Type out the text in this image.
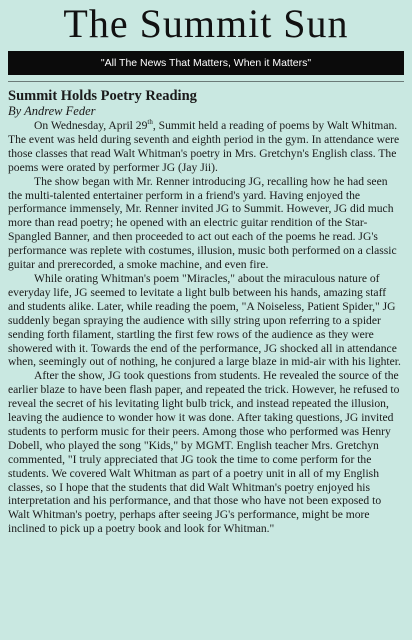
The Summit Sun
"All The News That Matters, When it Matters"
Summit Holds Poetry Reading
By Andrew Feder

On Wednesday, April 29th, Summit held a reading of poems by Walt Whitman. The event was held during seventh and eighth period in the gym. In attendance were those classes that read Walt Whitman's poetry in Mrs. Gretchyn's English class. The poems were orated by performer JG (Jay Jii).

The show began with Mr. Renner introducing JG, recalling how he had seen the multi-talented entertainer perform in a friend's yard. Having enjoyed the performance immensely, Mr. Renner invited JG to Summit. However, JG did much more than read poetry; he opened with an electric guitar rendition of the Star-Spangled Banner, and then proceeded to act out each of the poems he read. JG's performance was replete with costumes, illusion, music both performed on a classic guitar and prerecorded, a smoke machine, and even fire.

While orating Whitman's poem "Miracles," about the miraculous nature of everyday life, JG seemed to levitate a light bulb between his hands, amazing staff and students alike. Later, while reading the poem, "A Noiseless, Patient Spider," JG suddenly began spraying the audience with silly string upon referring to a spider sending forth filament, startling the first few rows of the audience as they were showered with it. Towards the end of the performance, JG shocked all in attendance when, seemingly out of nothing, he conjured a large blaze in mid-air with his lighter.

After the show, JG took questions from students. He revealed the source of the earlier blaze to have been flash paper, and repeated the trick. However, he refused to reveal the secret of his levitating light bulb trick, and instead repeated the illusion, leaving the audience to wonder how it was done. After taking questions, JG invited students to perform music for their peers. Among those who performed was Henry Dobell, who played the song "Kids," by MGMT. English teacher Mrs. Gretchyn commented, "I truly appreciated that JG took the time to come perform for the students. We covered Walt Whitman as part of a poetry unit in all of my English classes, so I hope that the students that did Walt Whitman's poetry enjoyed his interpretation and his performance, and that those who have not been exposed to Walt Whitman's poetry, perhaps after seeing JG's performance, might be more inclined to pick up a poetry book and look for Whitman."
